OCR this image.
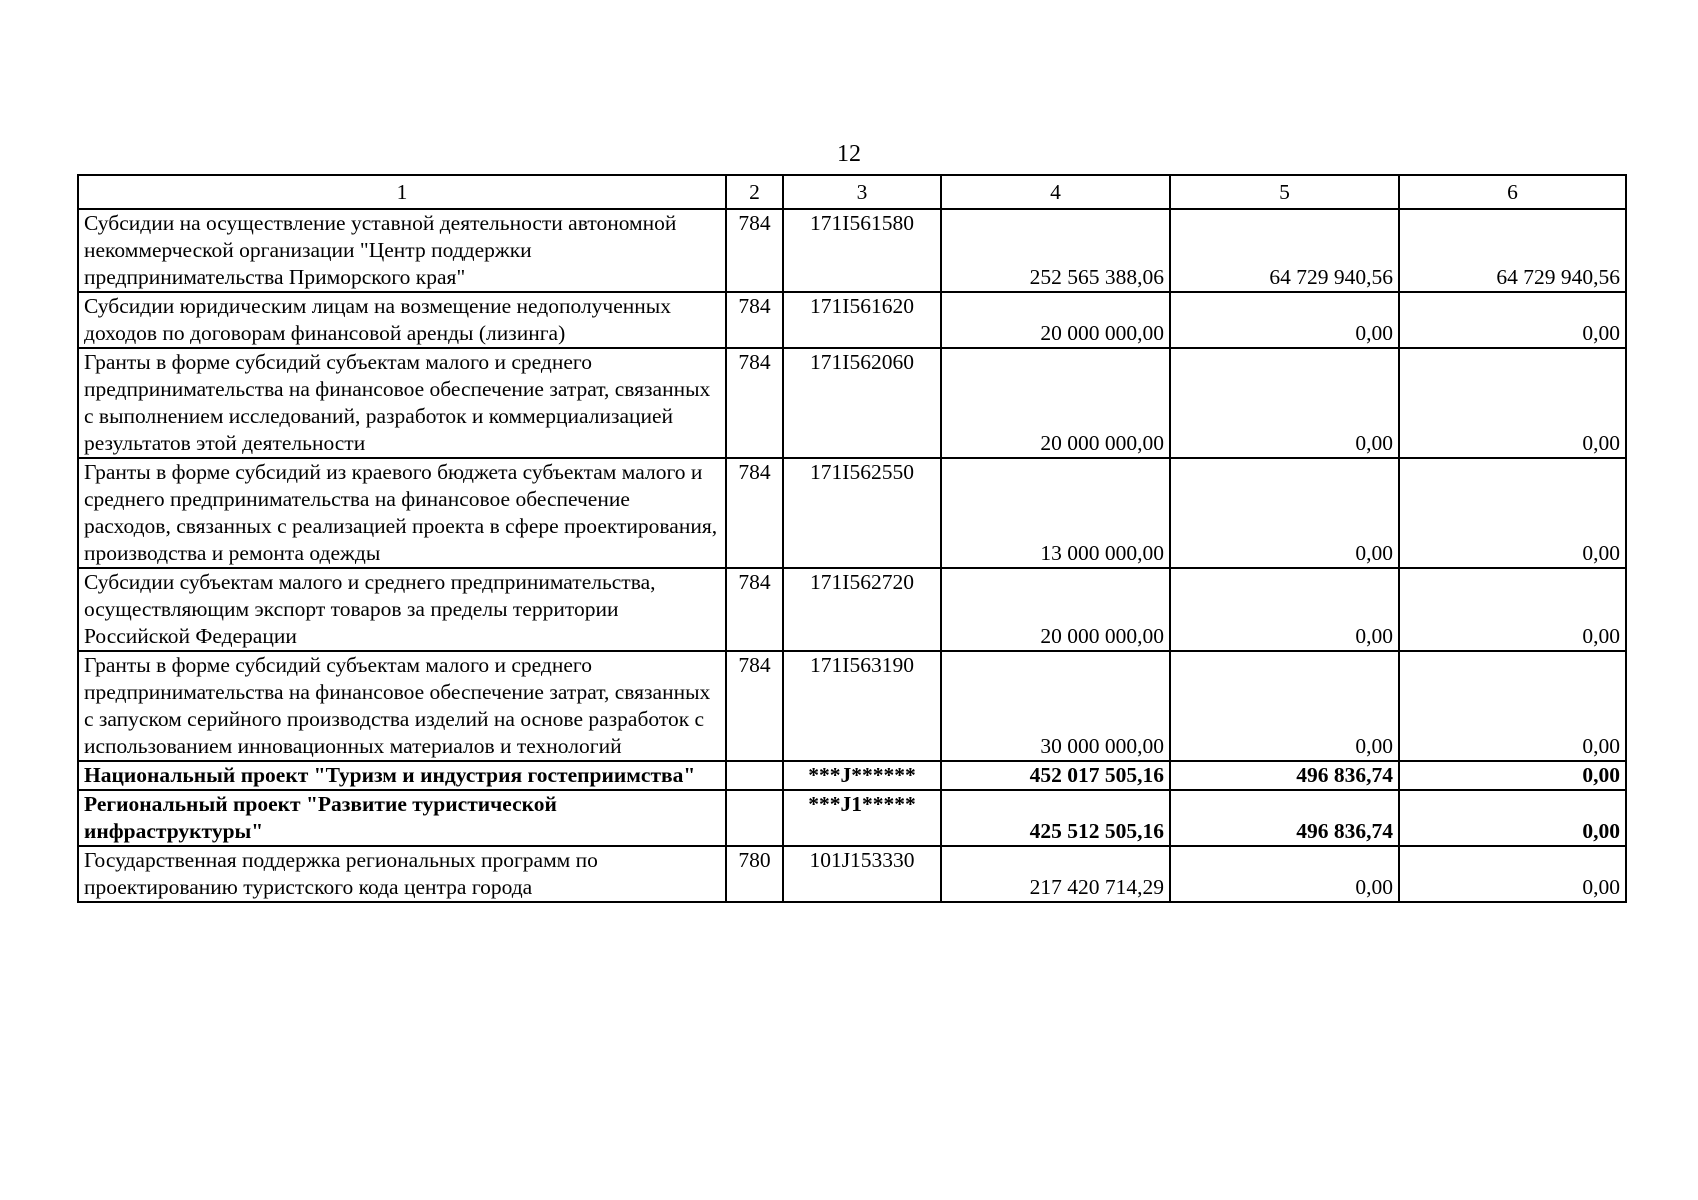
12
1	2	3	4	5	6
Субсидии на осуществление уставной деятельности автономной некоммерческой организации "Центр поддержки предпринимательства Приморского края"	784	171I561580	252 565 388,06	64 729 940,56	64 729 940,56
Субсидии юридическим лицам на возмещение недополученных доходов по договорам финансовой аренды (лизинга)	784	171I561620	20 000 000,00	0,00	0,00
Гранты в форме субсидий субъектам малого и среднего предпринимательства на финансовое обеспечение затрат, связанных с выполнением исследований, разработок и коммерциализацией результатов этой деятельности	784	171I562060	20 000 000,00	0,00	0,00
Гранты в форме субсидий из краевого бюджета субъектам малого и среднего предпринимательства на финансовое обеспечение расходов, связанных с реализацией проекта в сфере проектирования, производства и ремонта одежды	784	171I562550	13 000 000,00	0,00	0,00
Субсидии субъектам малого и среднего предпринимательства, осуществляющим экспорт товаров за пределы территории Российской Федерации	784	171I562720	20 000 000,00	0,00	0,00
Гранты в форме субсидий субъектам малого и среднего предпринимательства на финансовое обеспечение затрат, связанных с запуском серийного производства изделий на основе разработок с использованием инновационных материалов и технологий	784	171I563190	30 000 000,00	0,00	0,00
Национальный проект "Туризм и индустрия гостеприимства"		***J******	452 017 505,16	496 836,74	0,00
Региональный проект "Развитие туристической инфраструктуры"		***J1*****	425 512 505,16	496 836,74	0,00
Государственная поддержка региональных программ по проектированию туристского кода центра города	780	101J153330	217 420 714,29	0,00	0,00
